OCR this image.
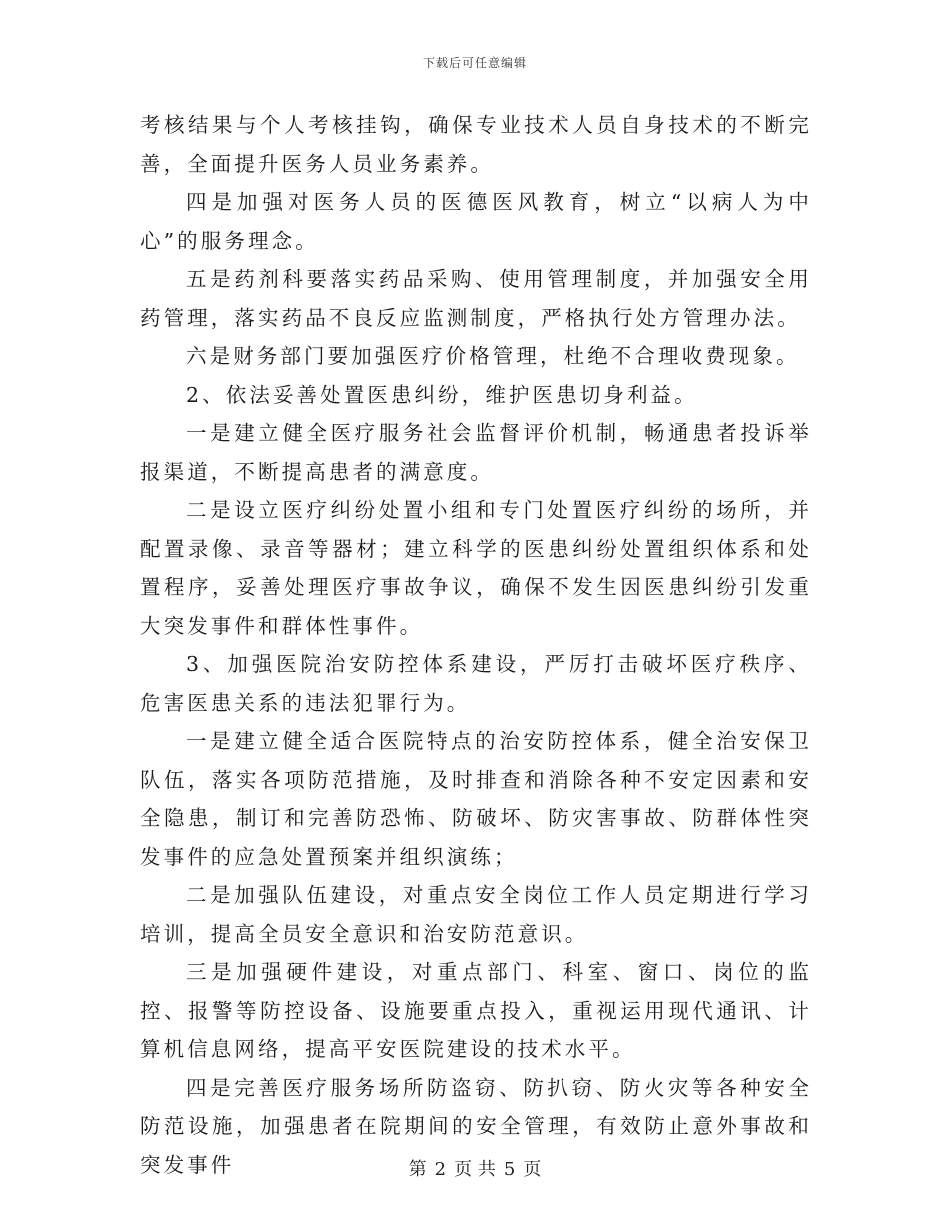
下载后可任意编辑

考核结果与个人考核挂钩，确保专业技术人员自身技术的不断完善，全面提升医务人员业务素养。

四是加强对医务人员的医德医风教育，树立“以病人为中心”的服务理念。

五是药剂科要落实药品采购、使用管理制度，并加强安全用药管理，落实药品不良反应监测制度，严格执行处方管理办法。

六是财务部门要加强医疗价格管理，杜绝不合理收费现象。

2、依法妥善处置医患纠纷，维护医患切身利益。

一是建立健全医疗服务社会监督评价机制，畅通患者投诉举报渠道，不断提高患者的满意度。

二是设立医疗纠纷处置小组和专门处置医疗纠纷的场所，并配置录像、录音等器材；建立科学的医患纠纷处置组织体系和处置程序，妥善处理医疗事故争议，确保不发生因医患纠纷引发重大突发事件和群体性事件。

3、加强医院治安防控体系建设，严厉打击破坏医疗秩序、危害医患关系的违法犯罪行为。

一是建立健全适合医院特点的治安防控体系，健全治安保卫队伍，落实各项防范措施，及时排查和消除各种不安定因素和安全隐患，制订和完善防恐怖、防破坏、防灾害事故、防群体性突发事件的应急处置预案并组织演练；

二是加强队伍建设，对重点安全岗位工作人员定期进行学习培训，提高全员安全意识和治安防范意识。

三是加强硬件建设，对重点部门、科室、窗口、岗位的监控、报警等防控设备、设施要重点投入，重视运用现代通讯、计算机信息网络，提高平安医院建设的技术水平。

四是完善医疗服务场所防盗窃、防扒窃、防火灾等各种安全防范设施，加强患者在院期间的安全管理，有效防止意外事故和突发事件	第 2 页 共 5 页
